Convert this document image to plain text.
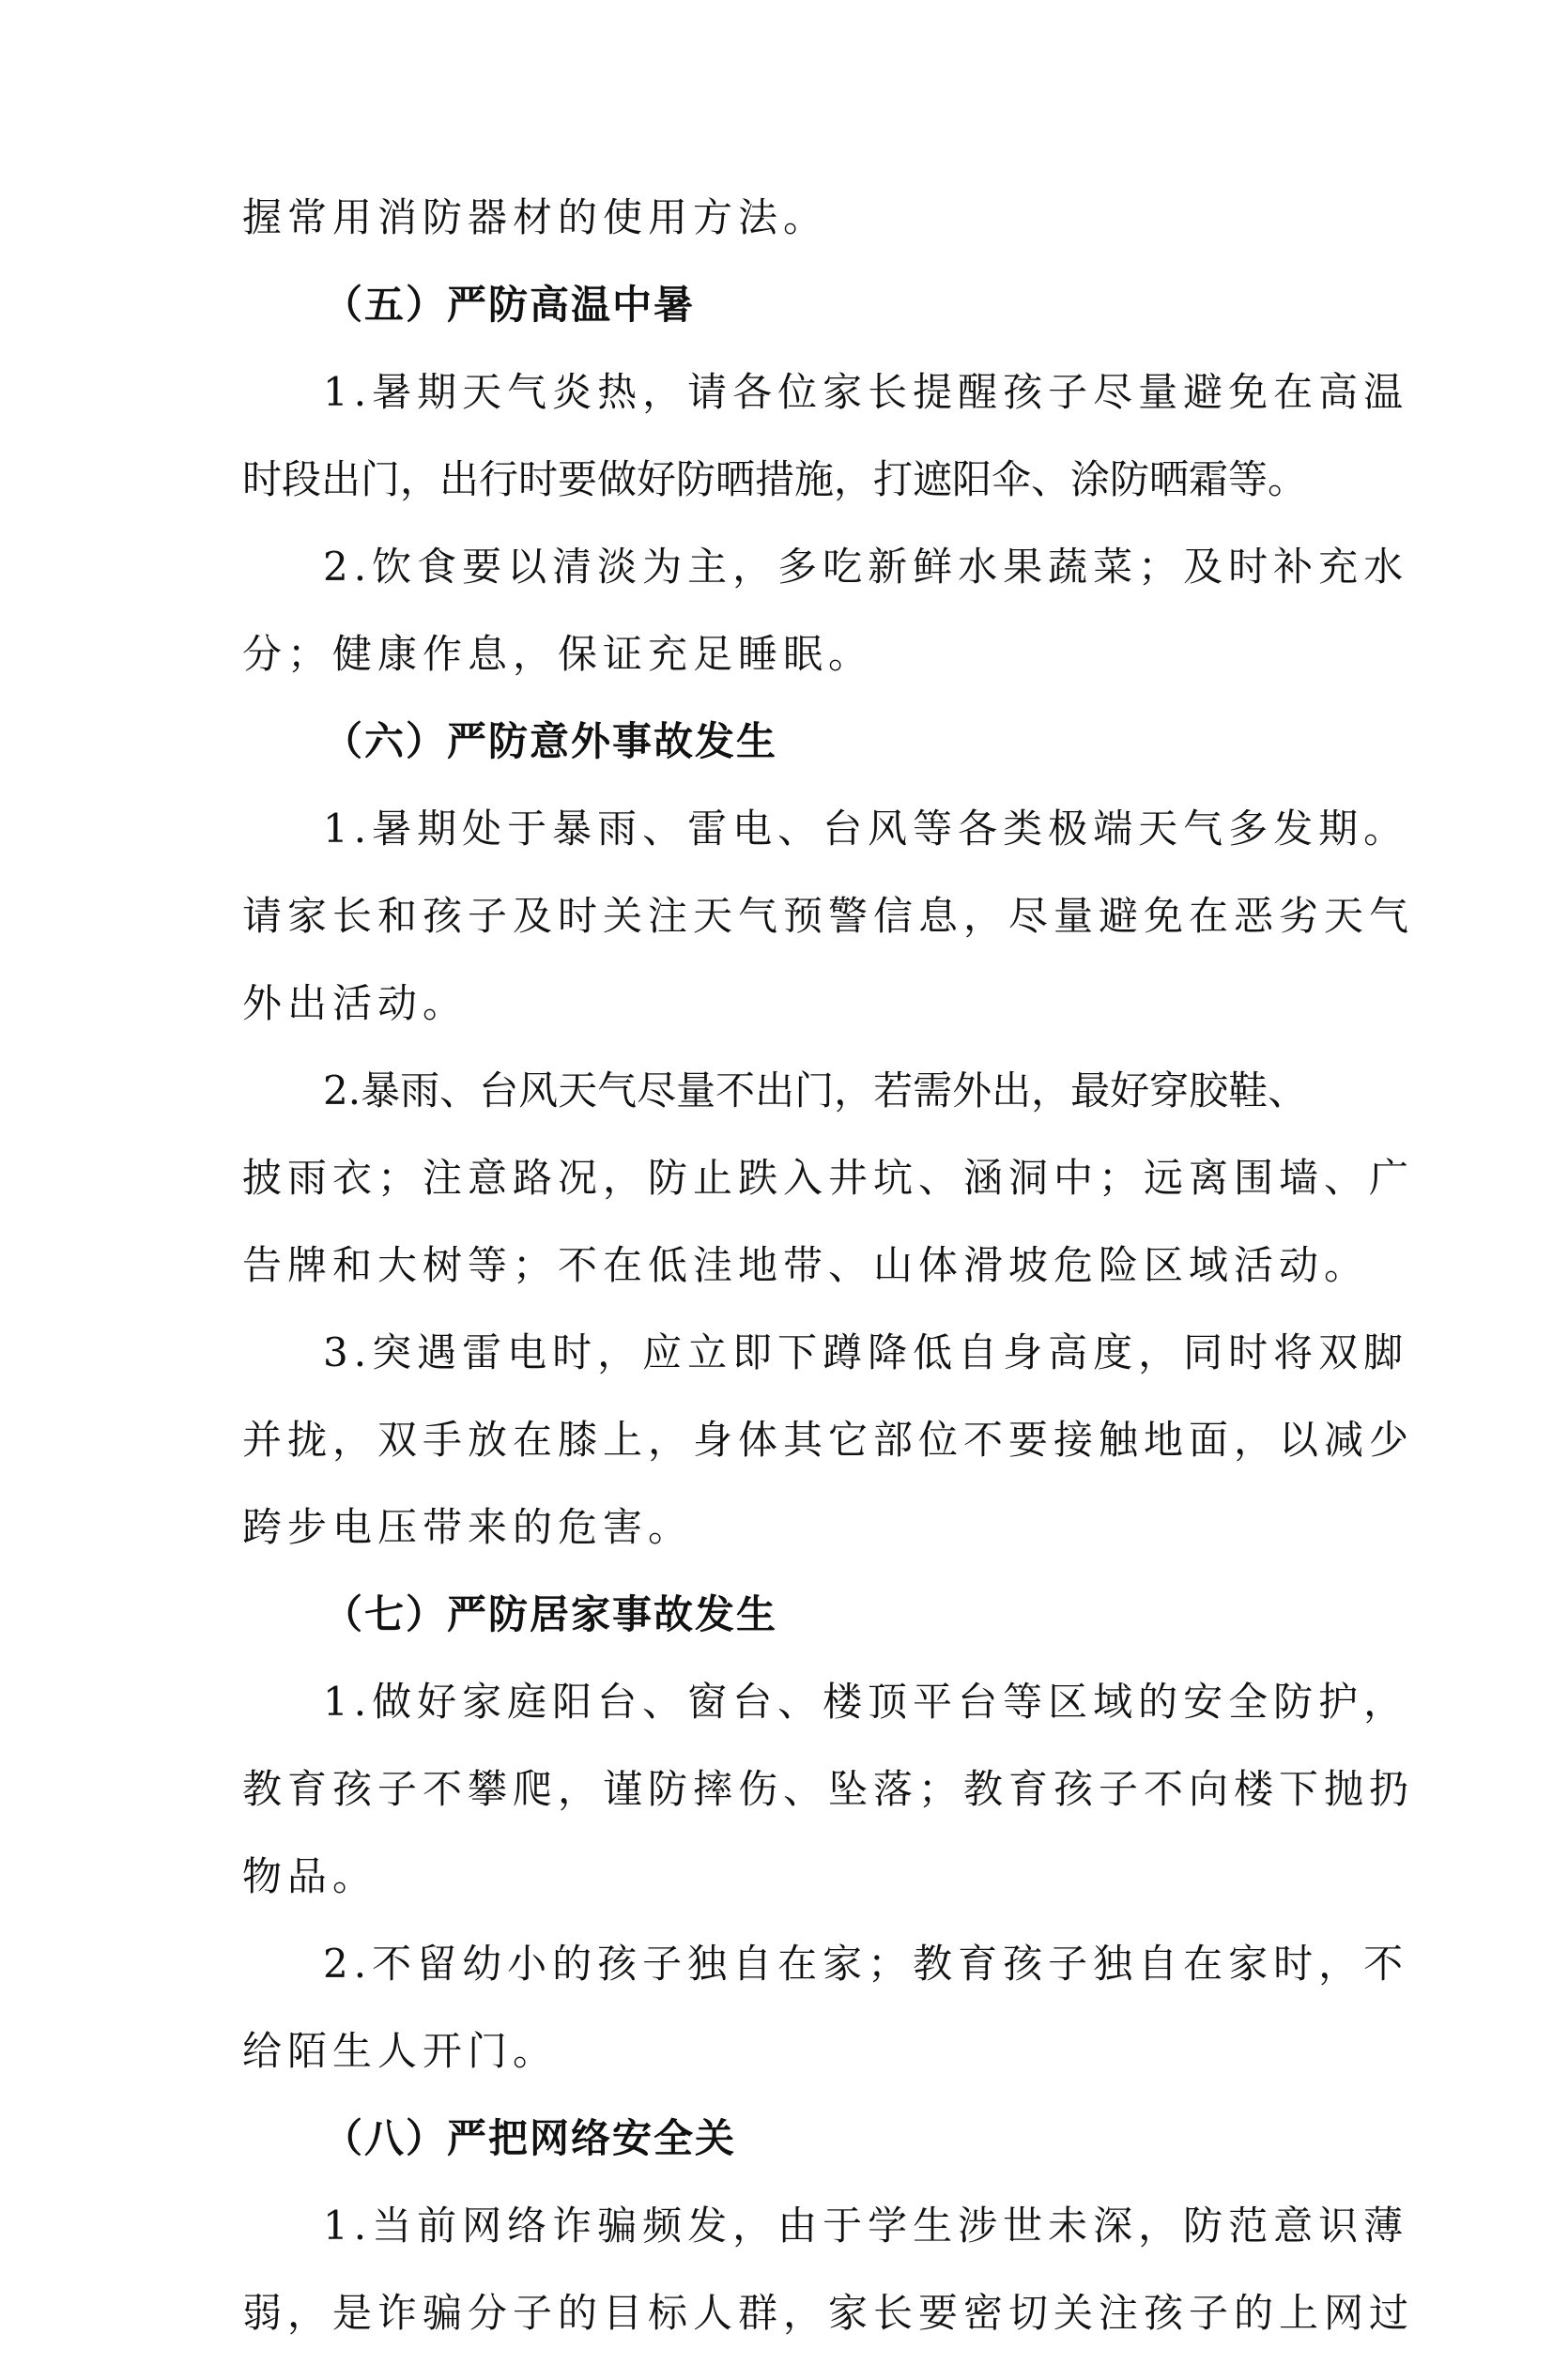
握常用消防器材的使用方法。
（五）严防高温中暑
1.暑期天气炎热，请各位家长提醒孩子尽量避免在高温
时段出门，出行时要做好防晒措施，打遮阳伞、涂防晒霜等。
2.饮食要以清淡为主，多吃新鲜水果蔬菜；及时补充水
分；健康作息，保证充足睡眠。
（六）严防意外事故发生
1.暑期处于暴雨、雷电、台风等各类极端天气多发期。
请家长和孩子及时关注天气预警信息，尽量避免在恶劣天气
外出活动。
2.暴雨、台风天气尽量不出门，若需外出，最好穿胶鞋、
披雨衣；注意路况，防止跌入井坑、涵洞中；远离围墙、广
告牌和大树等；不在低洼地带、山体滑坡危险区域活动。
3.突遇雷电时，应立即下蹲降低自身高度，同时将双脚
并拢，双手放在膝上，身体其它部位不要接触地面，以减少
跨步电压带来的危害。
（七）严防居家事故发生
1.做好家庭阳台、窗台、楼顶平台等区域的安全防护，
教育孩子不攀爬，谨防摔伤、坠落；教育孩子不向楼下抛扔
物品。
2.不留幼小的孩子独自在家；教育孩子独自在家时，不
给陌生人开门。
（八）严把网络安全关
1.当前网络诈骗频发，由于学生涉世未深，防范意识薄
弱，是诈骗分子的目标人群，家长要密切关注孩子的上网过
